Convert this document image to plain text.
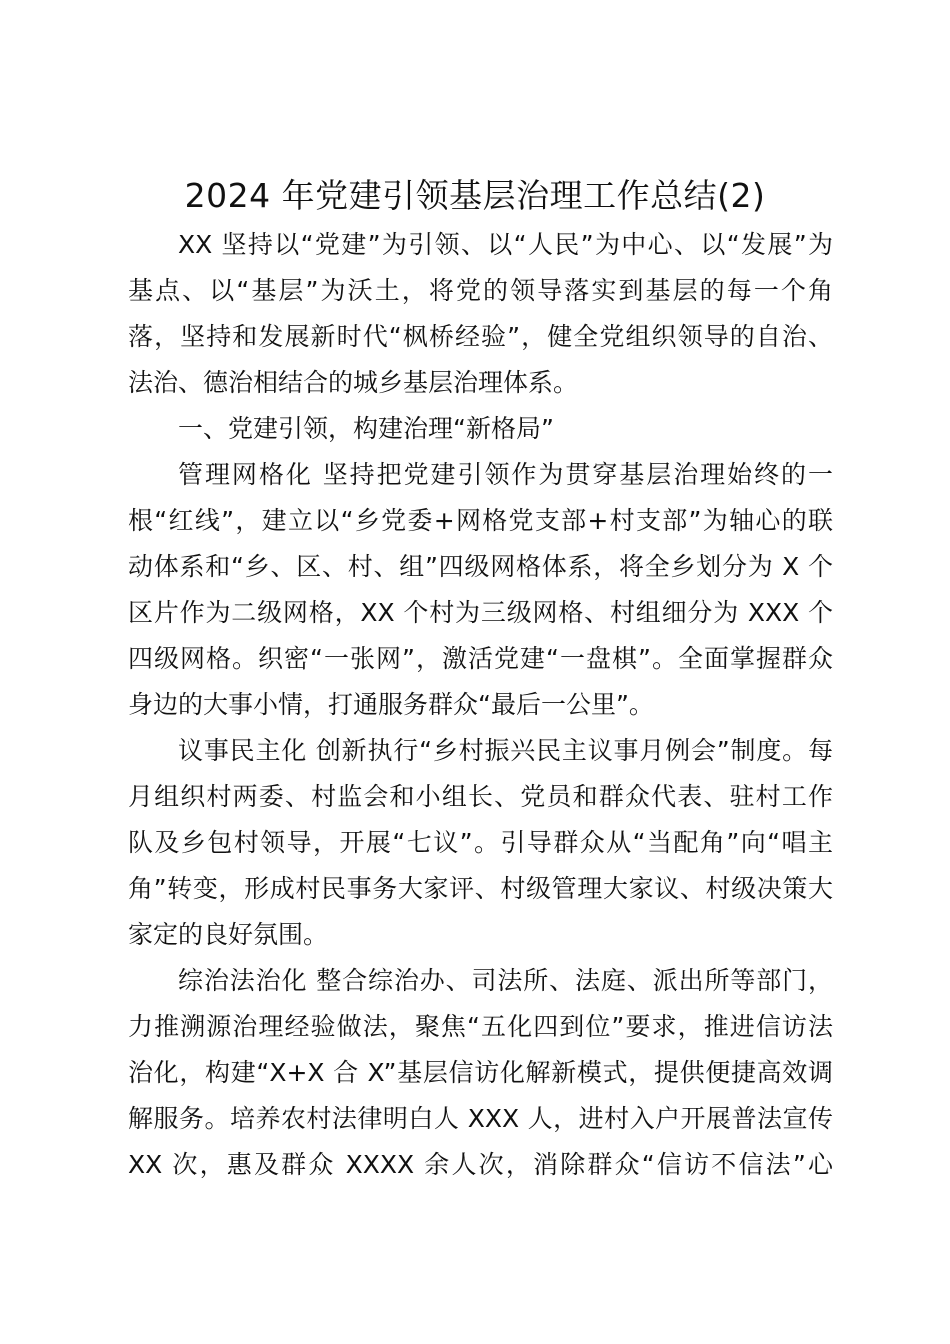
2024 年党建引领基层治理工作总结(2)
XX 坚持以“党建”为引领、以“人民”为中心、以“发展”为
基点、以“基层”为沃土，将党的领导落实到基层的每一个角
落，坚持和发展新时代“枫桥经验”，健全党组织领导的自治、
法治、德治相结合的城乡基层治理体系。
一、党建引领，构建治理“新格局”
管理网格化 坚持把党建引领作为贯穿基层治理始终的一
根“红线”，建立以“乡党委+网格党支部+村支部”为轴心的联
动体系和“乡、区、村、组”四级网格体系，将全乡划分为 X 个
区片作为二级网格，XX 个村为三级网格、村组细分为 XXX 个
四级网格。织密“一张网”，激活党建“一盘棋”。全面掌握群众
身边的大事小情，打通服务群众“最后一公里”。
议事民主化 创新执行“乡村振兴民主议事月例会”制度。每
月组织村两委、村监会和小组长、党员和群众代表、驻村工作
队及乡包村领导，开展“七议”。引导群众从“当配角”向“唱主
角”转变，形成村民事务大家评、村级管理大家议、村级决策大
家定的良好氛围。
综治法治化 整合综治办、司法所、法庭、派出所等部门，
力推溯源治理经验做法，聚焦“五化四到位”要求，推进信访法
治化，构建“X+X 合 X”基层信访化解新模式，提供便捷高效调
解服务。培养农村法律明白人 XXX 人，进村入户开展普法宣传
XX 次，惠及群众 XXXX 余人次，消除群众“信访不信法”心
